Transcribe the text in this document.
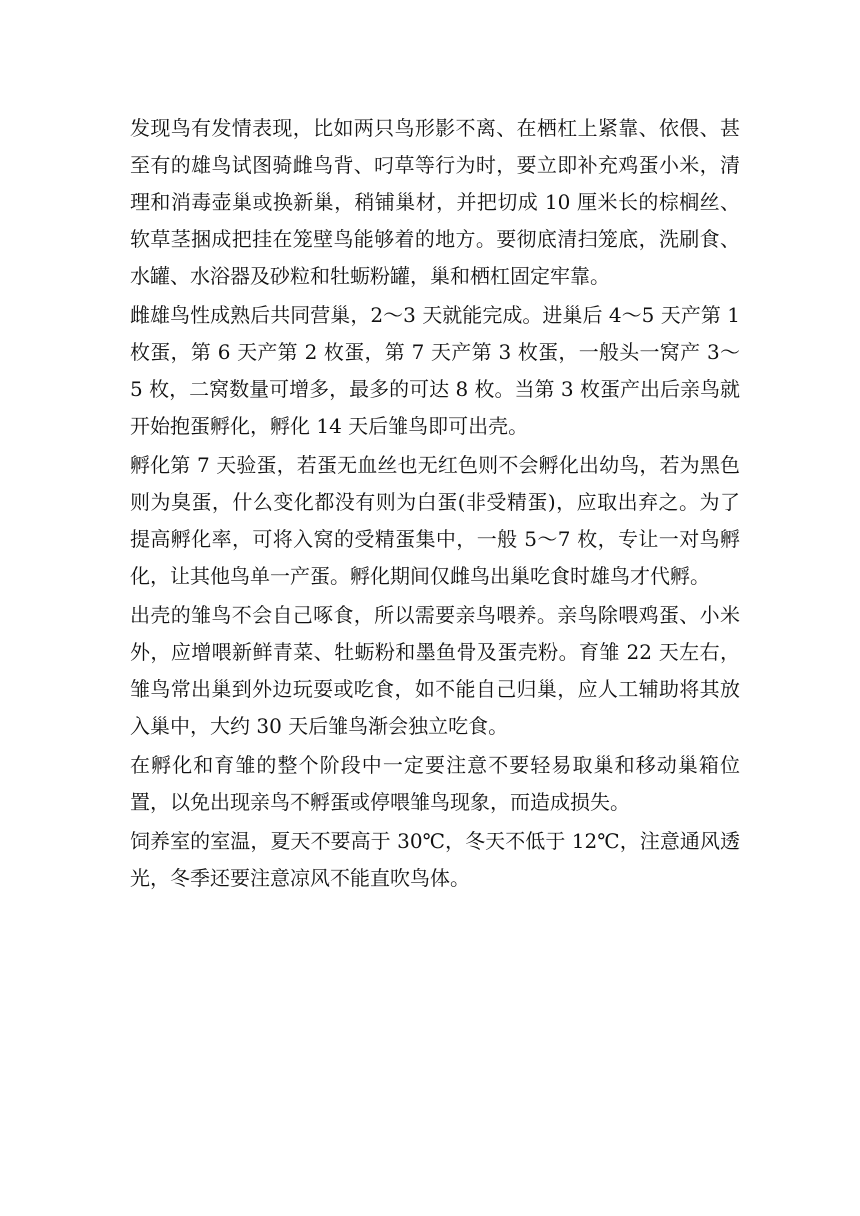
发现鸟有发情表现，比如两只鸟形影不离、在栖杠上紧靠、依偎、甚至有的雄鸟试图骑雌鸟背、叼草等行为时，要立即补充鸡蛋小米，清理和消毒壶巢或换新巢，稍铺巢材，并把切成 10 厘米长的棕榈丝、软草茎捆成把挂在笼壁鸟能够着的地方。要彻底清扫笼底，洗刷食、水罐、水浴器及砂粒和牡蛎粉罐，巢和栖杠固定牢靠。

雌雄鸟性成熟后共同营巢，2～3 天就能完成。进巢后 4～5 天产第 1 枚蛋，第 6 天产第 2 枚蛋，第 7 天产第 3 枚蛋，一般头一窝产 3～5 枚，二窝数量可增多，最多的可达 8 枚。当第 3 枚蛋产出后亲鸟就开始抱蛋孵化，孵化 14 天后雏鸟即可出壳。

孵化第 7 天验蛋，若蛋无血丝也无红色则不会孵化出幼鸟，若为黑色则为臭蛋，什么变化都没有则为白蛋(非受精蛋)，应取出弃之。为了提高孵化率，可将入窝的受精蛋集中，一般 5～7 枚，专让一对鸟孵化，让其他鸟单一产蛋。孵化期间仅雌鸟出巢吃食时雄鸟才代孵。

出壳的雏鸟不会自己啄食，所以需要亲鸟喂养。亲鸟除喂鸡蛋、小米外，应增喂新鲜青菜、牡蛎粉和墨鱼骨及蛋壳粉。育雏 22 天左右，雏鸟常出巢到外边玩耍或吃食，如不能自己归巢，应人工辅助将其放入巢中，大约 30 天后雏鸟渐会独立吃食。

在孵化和育雏的整个阶段中一定要注意不要轻易取巢和移动巢箱位置，以免出现亲鸟不孵蛋或停喂雏鸟现象，而造成损失。

饲养室的室温，夏天不要高于 30℃，冬天不低于 12℃，注意通风透光，冬季还要注意凉风不能直吹鸟体。
